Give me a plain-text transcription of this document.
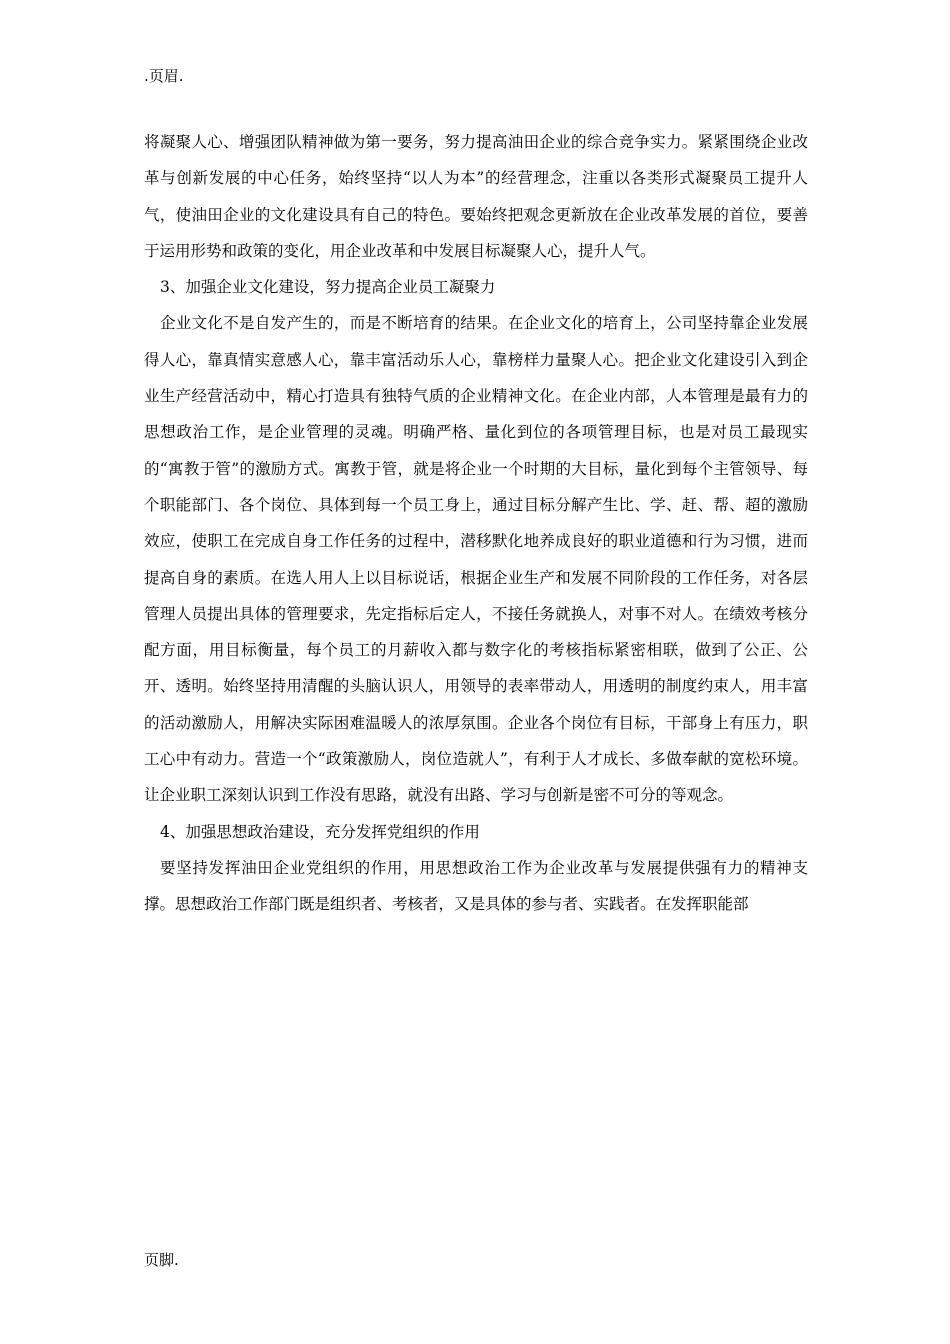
.页眉.

将凝聚人心、增强团队精神做为第一要务，努力提高油田企业的综合竞争实力。紧紧围绕企业改革与创新发展的中心任务，始终坚持“以人为本”的经营理念，注重以各类形式凝聚员工提升人气，使油田企业的文化建设具有自己的特色。要始终把观念更新放在企业改革发展的首位，要善于运用形势和政策的变化，用企业改革和中发展目标凝聚人心，提升人气。

3、加强企业文化建设，努力提高企业员工凝聚力

企业文化不是自发产生的，而是不断培育的结果。在企业文化的培育上，公司坚持靠企业发展得人心，靠真情实意感人心，靠丰富活动乐人心，靠榜样力量聚人心。把企业文化建设引入到企业生产经营活动中，精心打造具有独特气质的企业精神文化。在企业内部，人本管理是最有力的思想政治工作，是企业管理的灵魂。明确严格、量化到位的各项管理目标，也是对员工最现实的“寓教于管”的激励方式。寓教于管，就是将企业一个时期的大目标，量化到每个主管领导、每个职能部门、各个岗位、具体到每一个员工身上，通过目标分解产生比、学、赶、帮、超的激励效应，使职工在完成自身工作任务的过程中，潜移默化地养成良好的职业道德和行为习惯，进而提高自身的素质。在选人用人上以目标说话，根据企业生产和发展不同阶段的工作任务，对各层管理人员提出具体的管理要求，先定指标后定人，不接任务就换人，对事不对人。在绩效考核分配方面，用目标衡量，每个员工的月薪收入都与数字化的考核指标紧密相联，做到了公正、公开、透明。始终坚持用清醒的头脑认识人，用领导的表率带动人，用透明的制度约束人，用丰富的活动激励人，用解决实际困难温暖人的浓厚氛围。企业各个岗位有目标，干部身上有压力，职工心中有动力。营造一个“政策激励人，岗位造就人”，有利于人才成长、多做奉献的宽松环境。让企业职工深刻认识到工作没有思路，就没有出路、学习与创新是密不可分的等观念。

4、加强思想政治建设，充分发挥党组织的作用

要坚持发挥油田企业党组织的作用，用思想政治工作为企业改革与发展提供强有力的精神支撑。思想政治工作部门既是组织者、考核者，又是具体的参与者、实践者。在发挥职能部

页脚.
